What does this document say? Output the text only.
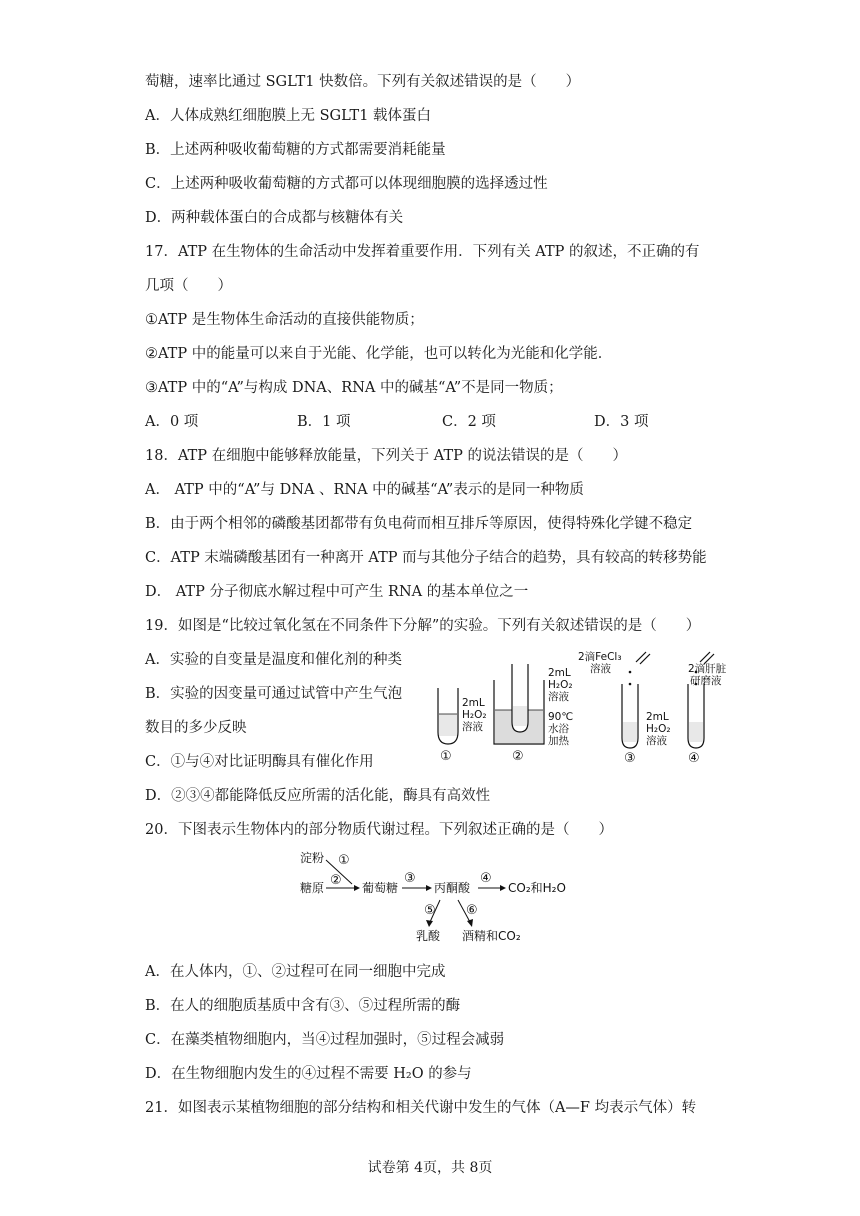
萄糖，速率比通过 SGLT1 快数倍。下列有关叙述错误的是（　　）
A．人体成熟红细胞膜上无 SGLT1 载体蛋白
B．上述两种吸收葡萄糖的方式都需要消耗能量
C．上述两种吸收葡萄糖的方式都可以体现细胞膜的选择透过性
D．两种载体蛋白的合成都与核糖体有关
17．ATP 在生物体的生命活动中发挥着重要作用．下列有关 ATP 的叙述，不正确的有
几项（　　）
①ATP 是生物体生命活动的直接供能物质；
②ATP 中的能量可以来自于光能、化学能，也可以转化为光能和化学能．
③ATP 中的“A”与构成 DNA、RNA 中的碱基“A”不是同一物质；
A．0 项	B．1 项	C．2 项	D．3 项
18．ATP 在细胞中能够释放能量，下列关于 ATP 的说法错误的是（　　）
A． ATP 中的“A”与 DNA 、RNA 中的碱基“A”表示的是同一种物质
B．由于两个相邻的磷酸基团都带有负电荷而相互排斥等原因，使得特殊化学键不稳定
C．ATP 末端磷酸基团有一种离开 ATP 而与其他分子结合的趋势，具有较高的转移势能
D． ATP 分子彻底水解过程中可产生 RNA 的基本单位之一
19．如图是“比较过氧化氢在不同条件下分解”的实验。下列有关叙述错误的是（　　）
A．实验的自变量是温度和催化剂的种类
B．实验的因变量可通过试管中产生气泡
数目的多少反映
C．①与④对比证明酶具有催化作用
D．②③④都能降低反应所需的活化能，酶具有高效性
2mL
H₂O₂
溶液
①
2mL
H₂O₂
溶液
90℃
水浴
加热
②
2滴FeCl₃
溶液
2mL
H₂O₂
溶液
③
2滴肝脏
研磨液
④
20．下图表示生物体内的部分物质代谢过程。下列叙述正确的是（　　）
淀粉 ①
糖原 ② 葡萄糖
③
丙酮酸
④
CO₂和H₂O
⑤
乳酸
⑥
酒精和CO₂
A．在人体内，①、②过程可在同一细胞中完成
B．在人的细胞质基质中含有③、⑤过程所需的酶
C．在藻类植物细胞内，当④过程加强时，⑤过程会减弱
D．在生物细胞内发生的④过程不需要 H₂O 的参与
21．如图表示某植物细胞的部分结构和相关代谢中发生的气体（A—F 均表示气体）转
试卷第 4页，共 8页
